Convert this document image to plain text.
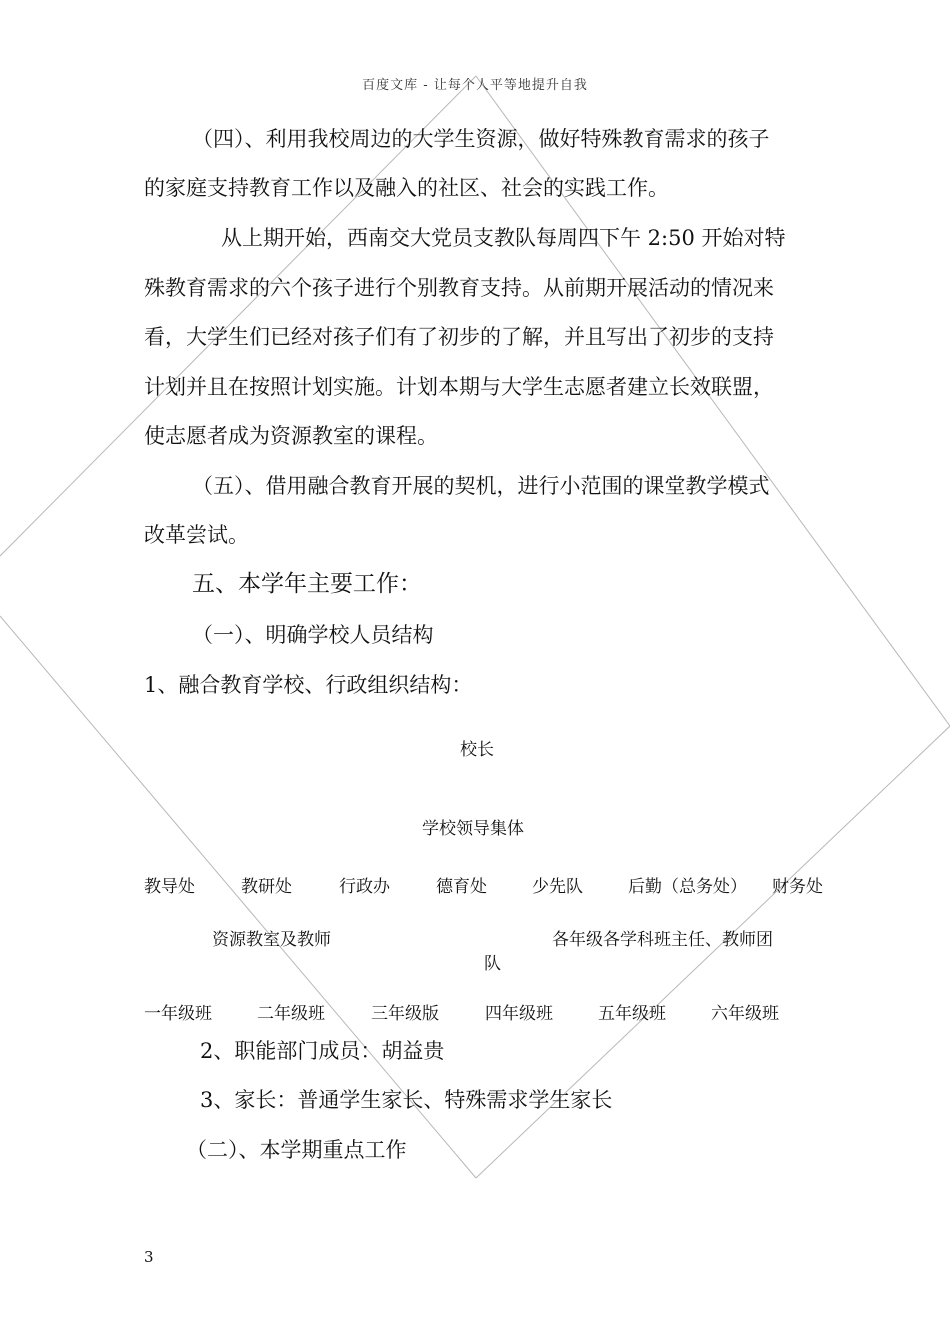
百度文库 - 让每个人平等地提升自我
（四）、利用我校周边的大学生资源，做好特殊教育需求的孩子
的家庭支持教育工作以及融入的社区、社会的实践工作。
从上期开始，西南交大党员支教队每周四下午 2:50 开始对特
殊教育需求的六个孩子进行个别教育支持。从前期开展活动的情况来
看，大学生们已经对孩子们有了初步的了解，并且写出了初步的支持
计划并且在按照计划实施。计划本期与大学生志愿者建立长效联盟，
使志愿者成为资源教室的课程。
（五）、借用融合教育开展的契机，进行小范围的课堂教学模式
改革尝试。
五、本学年主要工作：
（一）、明确学校人员结构
1、融合教育学校、行政组织结构：
校长
学校领导集体
教导处	教研处	行政办	德育处	少先队	后勤（总务处） 财务处
资源教室及教师	各年级各学科班主任、教师团
队
一年级班	二年级班	三年级版	四年级班	五年级班	六年级班
2、职能部门成员：胡益贵
3、家长：普通学生家长、特殊需求学生家长
（二）、本学期重点工作
3
